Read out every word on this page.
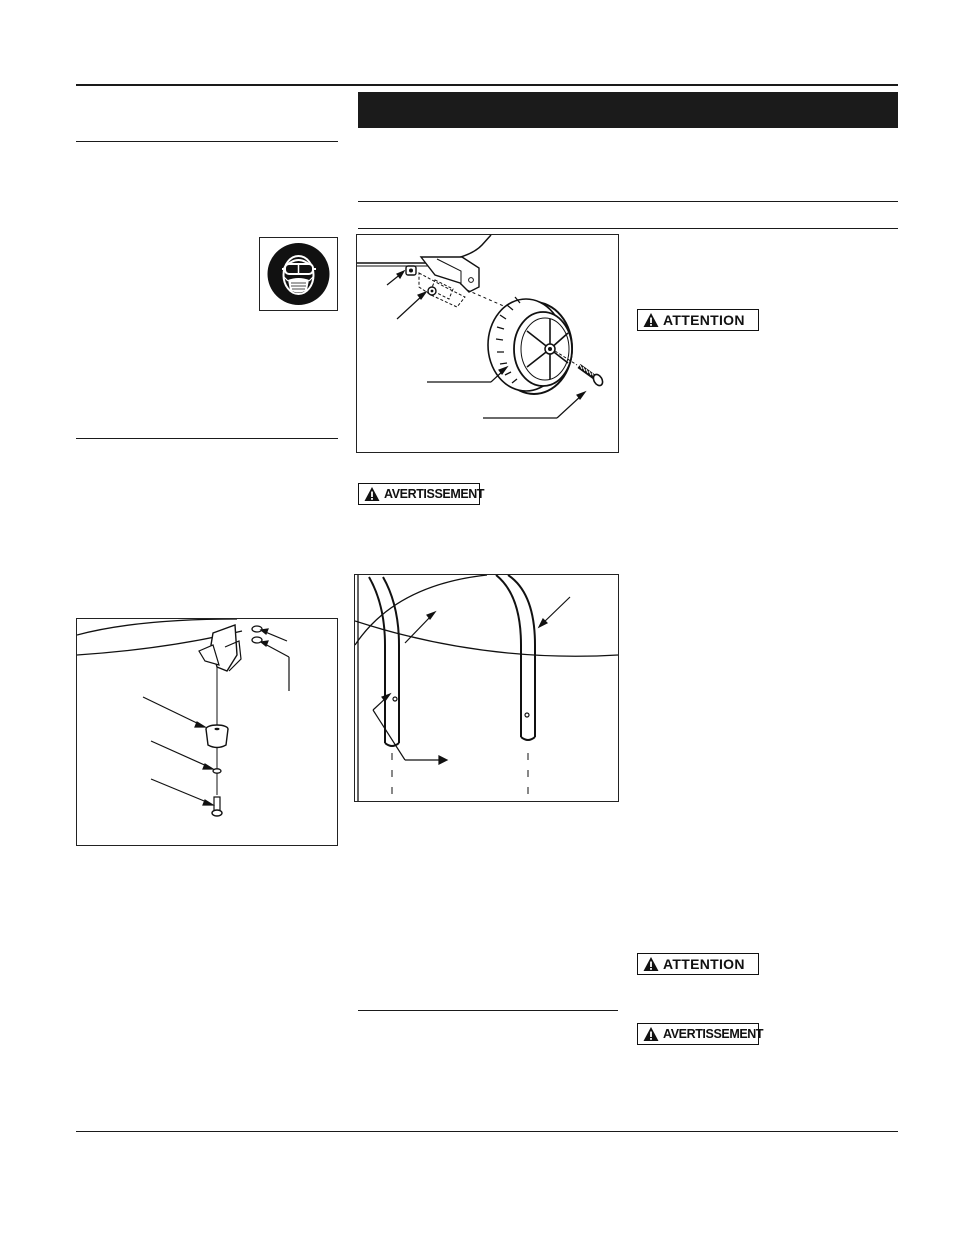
ATTENTION
AVERTISSEMENT
ATTENTION
AVERTISSEMENT
